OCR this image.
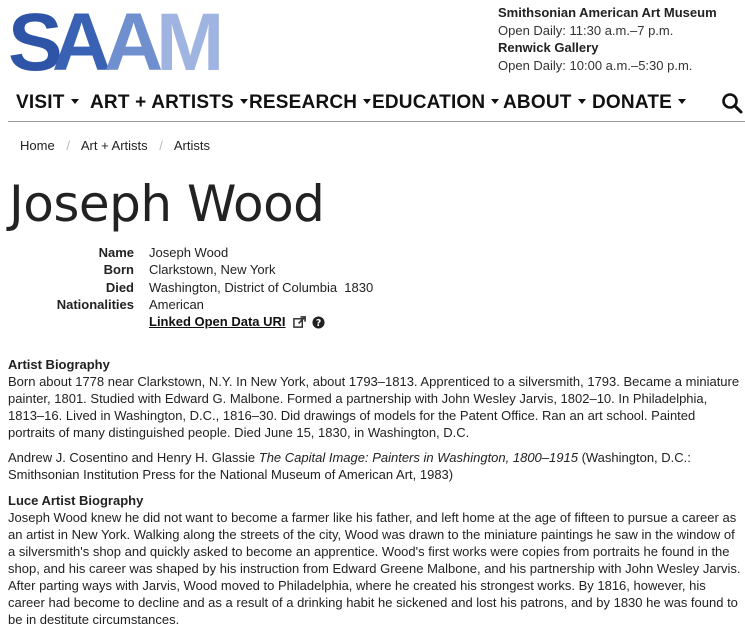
S
A
A
M	Smithsonian American Art Museum
Open Daily: 11:30 a.m.–7 p.m.
Renwick Gallery
Open Daily: 10:00 a.m.–5:30 p.m.
VISIT	ART + ARTISTS RESEARCH EDUCATION ABOUT	DONATE
Home / Art + Artists / Artists
Joseph Wood
Name Joseph Wood
Born Clarkstown, New York
Died Washington, District of Columbia  1830
Nationalities American
Linked Open Data URI	?
Artist Biography

Born about 1778 near Clarkstown, N.Y. In New York, about 1793–1813. Apprenticed to a silversmith, 1793. Became a miniature painter, 1801. Studied with Edward G. Malbone. Formed a partnership with John Wesley Jarvis, 1802–10. In Philadelphia, 1813–16. Lived in Washington, D.C., 1816–30. Did drawings of models for the Patent Office. Ran an art school. Painted portraits of many distinguished people. Died June 15, 1830, in Washington, D.C.

Andrew J. Cosentino and Henry H. Glassie The Capital Image: Painters in Washington, 1800–1915 (Washington, D.C.: Smithsonian Institution Press for the National Museum of American Art, 1983)
Luce Artist Biography

Joseph Wood knew he did not want to become a farmer like his father, and left home at the age of fifteen to pursue a career as an artist in New York. Walking along the streets of the city, Wood was drawn to the miniature paintings he saw in the window of a silversmith's shop and quickly asked to become an apprentice. Wood's first works were copies from portraits he found in the shop, and his career was shaped by his instruction from Edward Greene Malbone, and his partnership with John Wesley Jarvis. After parting ways with Jarvis, Wood moved to Philadelphia, where he created his strongest works. By 1816, however, his career had become to decline and as a result of a drinking habit he sickened and lost his patrons, and by 1830 he was found to be in destitute circumstances.
